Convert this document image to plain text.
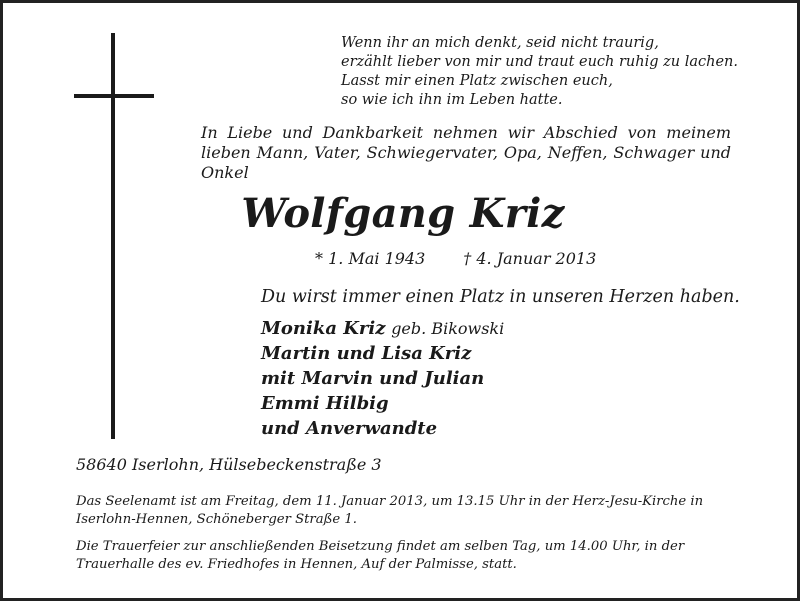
Wenn ihr an mich denkt, seid nicht traurig,
erzählt lieber von mir und traut euch ruhig zu lachen.
Lasst mir einen Platz zwischen euch,
so wie ich ihn im Leben hatte.
In Liebe und Dankbarkeit nehmen wir Abschied von meinem lieben Mann, Vater, Schwiegervater, Opa, Neffen, Schwager und Onkel
Wolfgang Kriz
* 1. Mai 1943 † 4. Januar 2013
Du wirst immer einen Platz in unseren Herzen haben.
Monika Kriz geb. Bikowski
Martin und Lisa Kriz
mit Marvin und Julian
Emmi Hilbig
und Anverwandte
58640 Iserlohn, Hülsebeckenstraße 3
Das Seelenamt ist am Freitag, dem 11. Januar 2013, um 13.15 Uhr in der Herz-Jesu-Kirche in Iserlohn-Hennen, Schöneberger Straße 1.
Die Trauerfeier zur anschließenden Beisetzung findet am selben Tag, um 14.00 Uhr, in der Trauerhalle des ev. Friedhofes in Hennen, Auf der Palmisse, statt.
